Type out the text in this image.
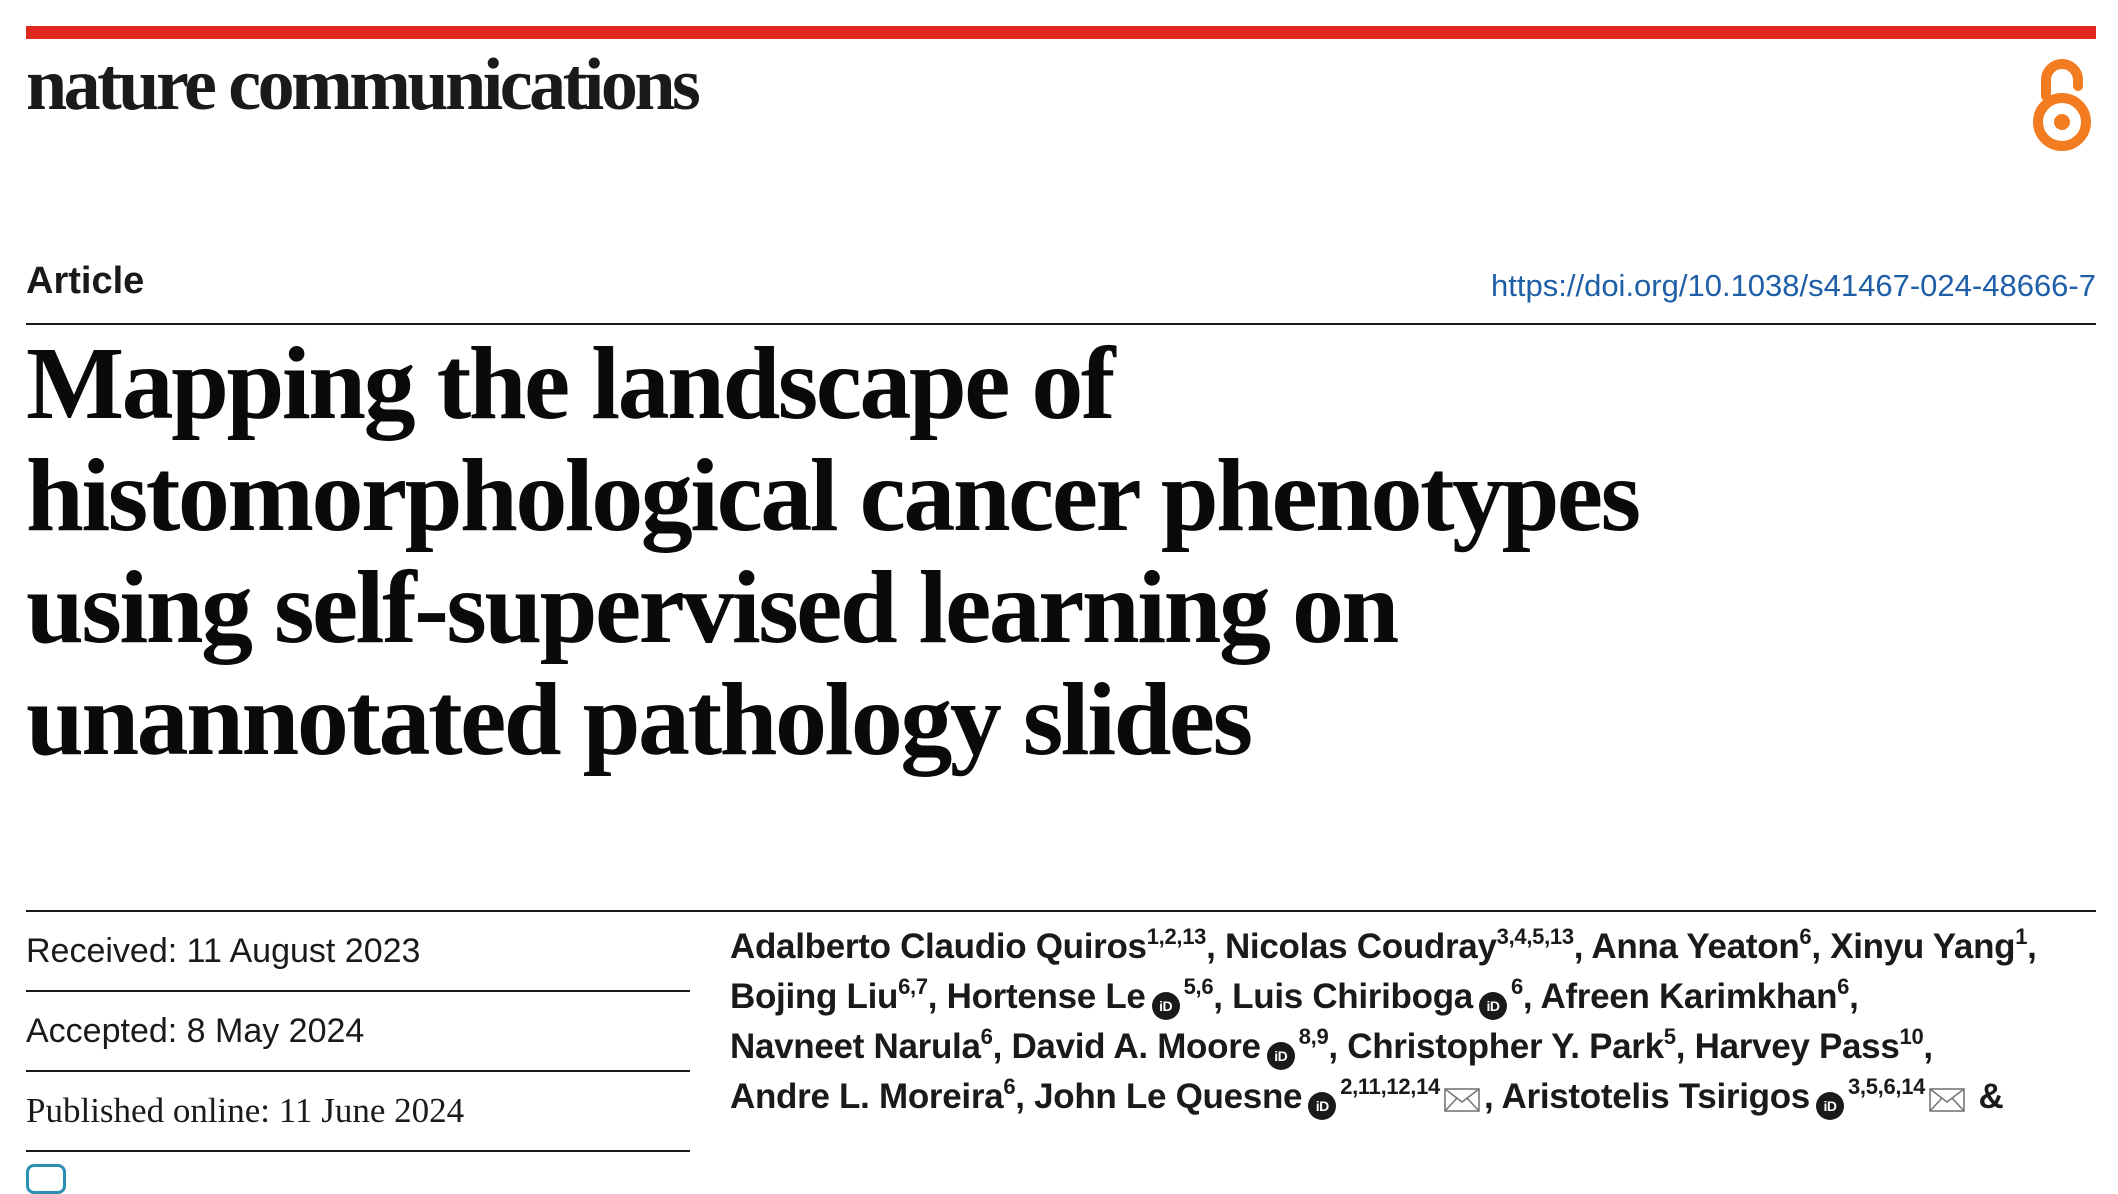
nature communications
Article	https://doi.org/10.1038/s41467-024-48666-7
Mapping the landscape of
histomorphological cancer phenotypes
using self-supervised learning on
unannotated pathology slides
Received: 11 August 2023
Accepted: 8 May 2024
Published online: 11 June 2024
Adalberto Claudio Quiros$^{1,2,13}$, Nicolas Coudray$^{3,4,5,13}$, Anna Yeaton$^6$, Xinyu Yang$^1$,
Bojing Liu$^{6,7}$, Hortense Le iD$^{5,6}$, Luis Chiriboga $iD^6$, Afreen Karimkhan$^6$,
Navneet Narula$^6$, David A. Moore iD$^{8,9}$, Christopher Y. Park$^5$, Harvey Pass$^{10}$,
Andre L. Moreira$^6$, John Le Quesne iD$^{2,11,12,14}$ , Aristotelis Tsirigos iD$^{3,5,6,14}$ &
